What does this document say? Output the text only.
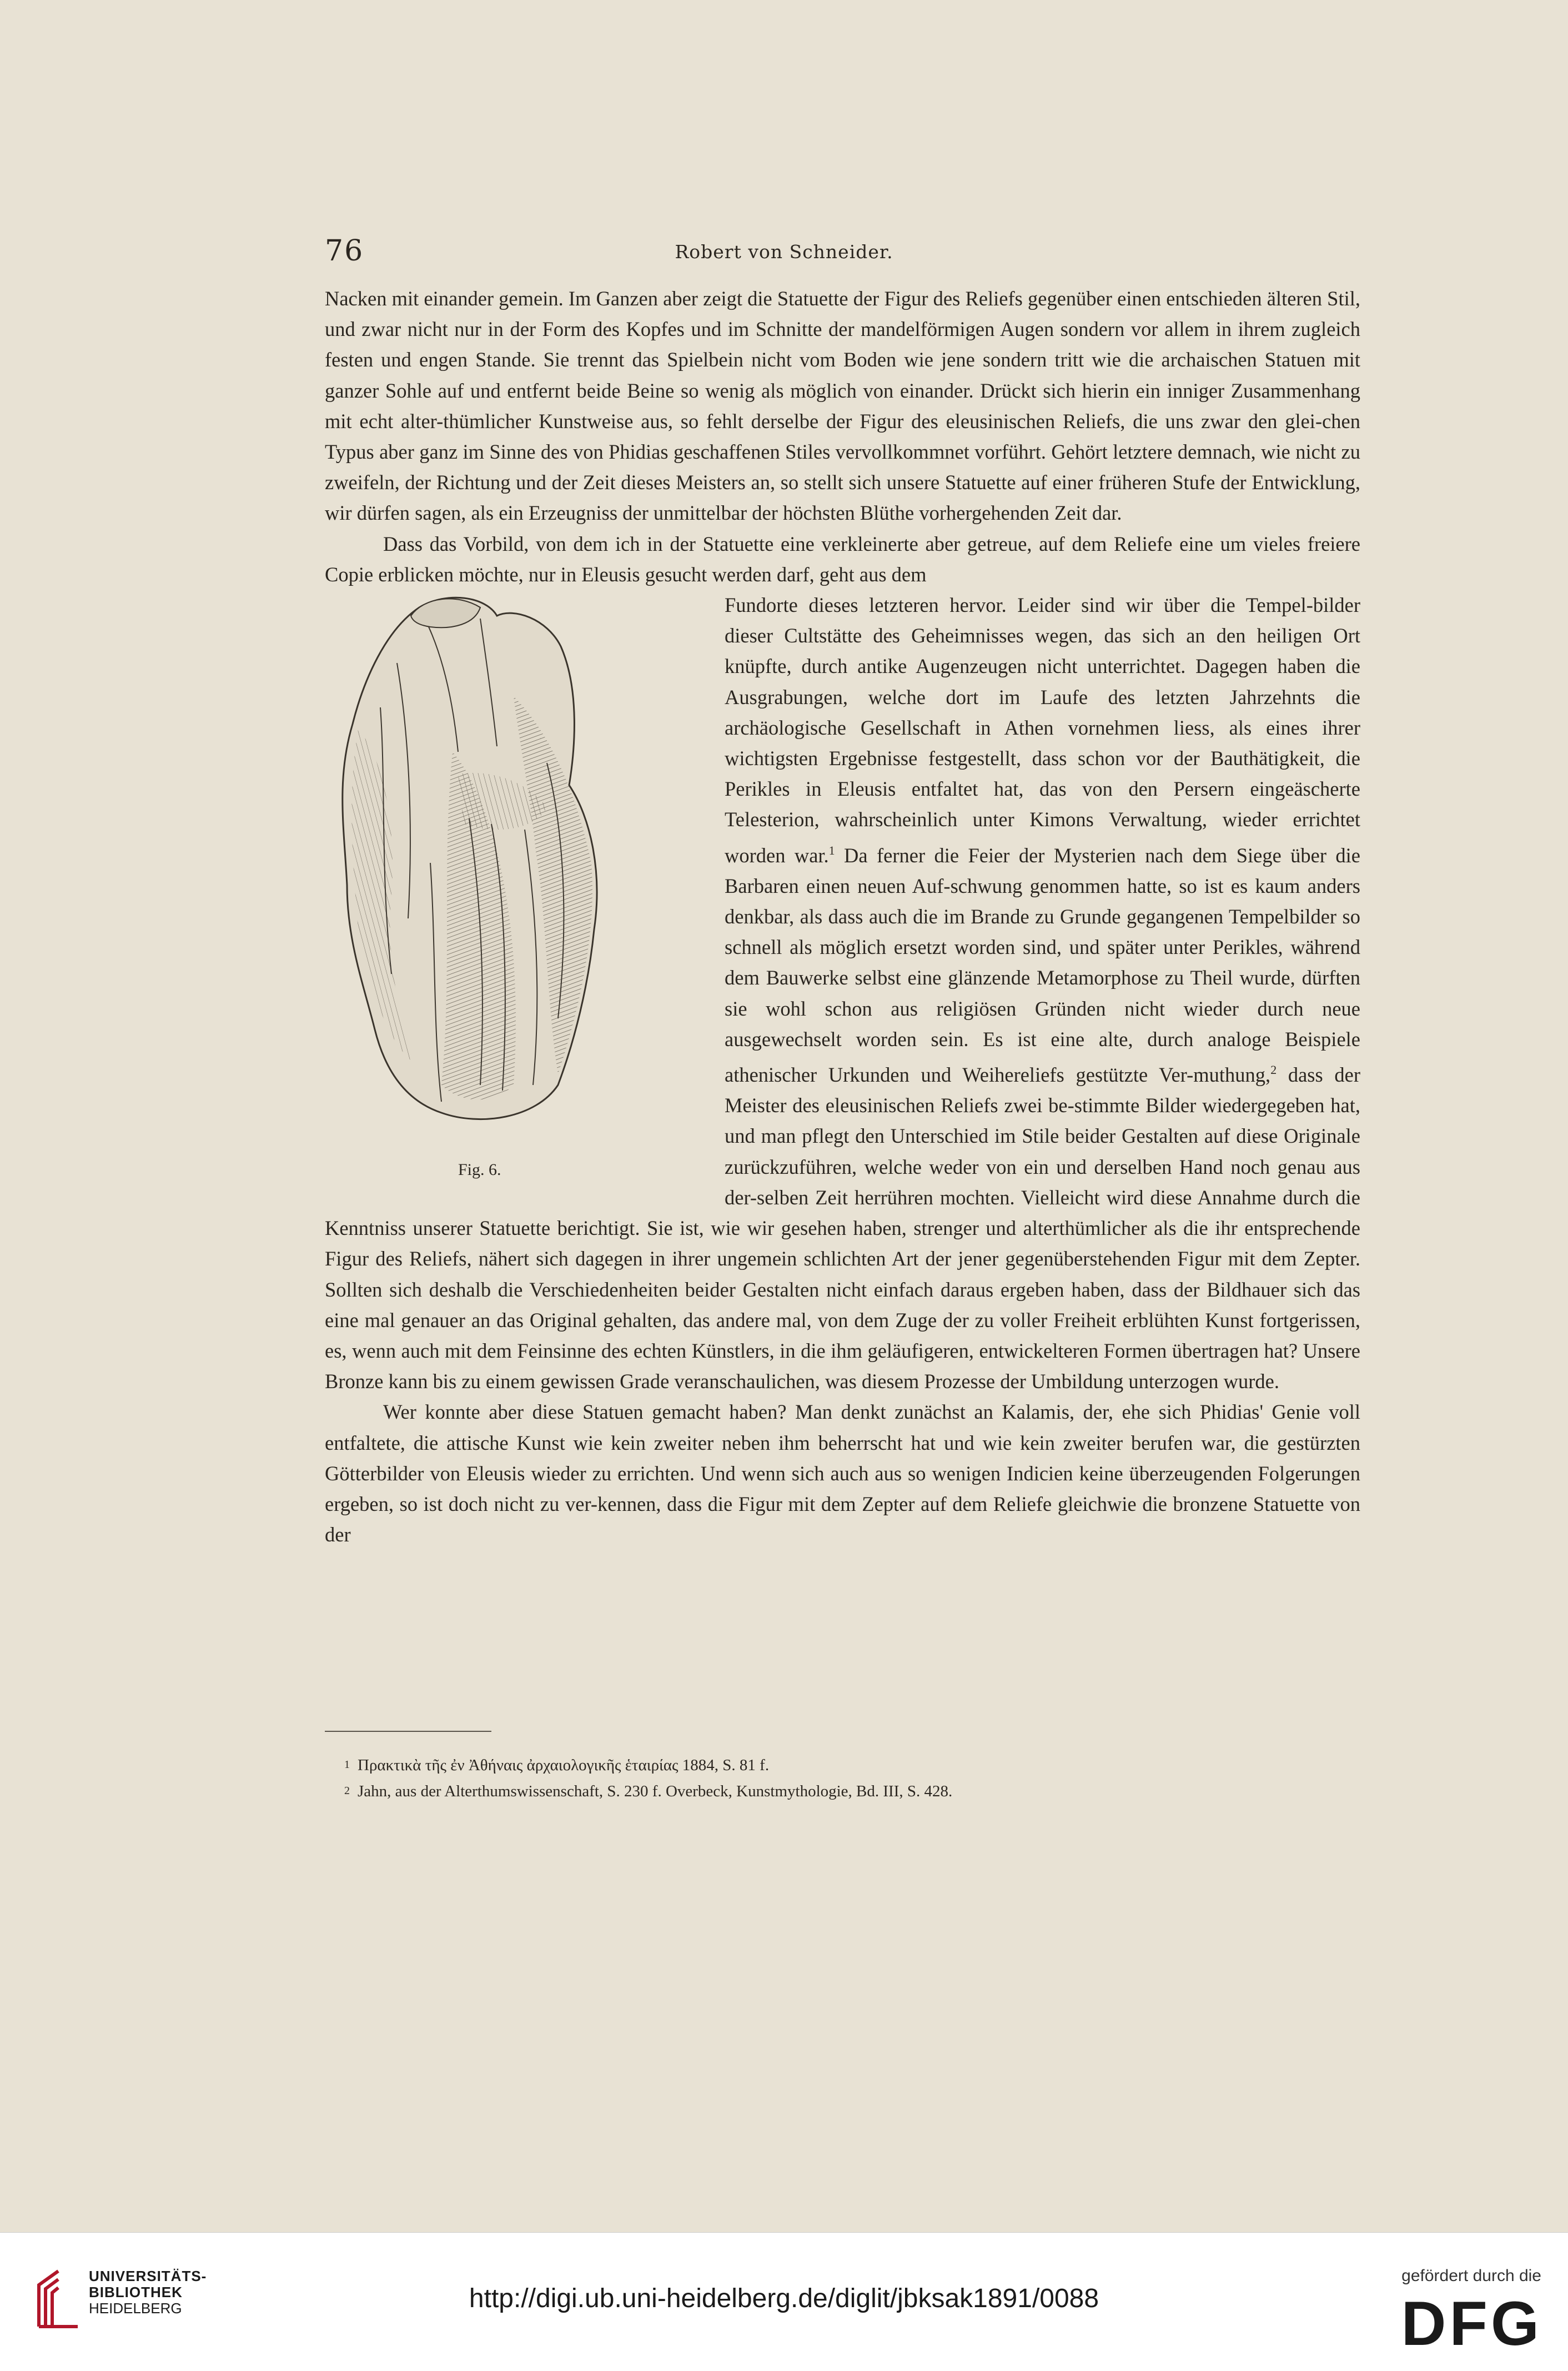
76	Robert von Schneider.

Nacken mit einander gemein. Im Ganzen aber zeigt die Statuette der Figur des Reliefs gegenüber einen entschieden älteren Stil, und zwar nicht nur in der Form des Kopfes und im Schnitte der mandelförmigen Augen sondern vor allem in ihrem zugleich festen und engen Stande. Sie trennt das Spielbein nicht vom Boden wie jene sondern tritt wie die archaischen Statuen mit ganzer Sohle auf und entfernt beide Beine so wenig als möglich von einander. Drückt sich hierin ein inniger Zusammenhang mit echt alter-thümlicher Kunstweise aus, so fehlt derselbe der Figur des eleusinischen Reliefs, die uns zwar den glei-chen Typus aber ganz im Sinne des von Phidias geschaffenen Stiles vervollkommnet vorführt. Gehört letztere demnach, wie nicht zu zweifeln, der Richtung und der Zeit dieses Meisters an, so stellt sich unsere Statuette auf einer früheren Stufe der Entwicklung, wir dürfen sagen, als ein Erzeugniss der unmittelbar der höchsten Blüthe vorhergehenden Zeit dar.

Dass das Vorbild, von dem ich in der Statuette eine verkleinerte aber getreue, auf dem Reliefe eine um vieles freiere Copie erblicken möchte, nur in Eleusis gesucht werden darf, geht aus dem

Fig. 6.

Fundorte dieses letzteren hervor. Leider sind wir über die Tempel-bilder dieser Cultstätte des Geheimnisses wegen, das sich an den heiligen Ort knüpfte, durch antike Augenzeugen nicht unterrichtet. Dagegen haben die Ausgrabungen, welche dort im Laufe des letzten Jahrzehnts die archäologische Gesellschaft in Athen vornehmen liess, als eines ihrer wichtigsten Ergebnisse festgestellt, dass schon vor der Bauthätigkeit, die Perikles in Eleusis entfaltet hat, das von den Persern eingeäscherte Telesterion, wahrscheinlich unter Kimons Verwaltung, wieder errichtet worden war.$^1$ Da ferner die Feier der Mysterien nach dem Siege über die Barbaren einen neuen Auf-schwung genommen hatte, so ist es kaum anders denkbar, als dass auch die im Brande zu Grunde gegangenen Tempelbilder so schnell als möglich ersetzt worden sind, und später unter Perikles, während dem Bauwerke selbst eine glänzende Metamorphose zu Theil wurde, dürften sie wohl schon aus religiösen Gründen nicht wieder durch neue ausgewechselt worden sein. Es ist eine alte, durch analoge Beispiele athenischer Urkunden und Weihereliefs gestützte Ver-muthung,$^2$ dass der Meister des eleusinischen Reliefs zwei be-stimmte Bilder wiedergegeben hat, und man pflegt den Unterschied im Stile beider Gestalten auf diese Originale zurückzuführen, welche weder von ein und derselben Hand noch genau aus der-selben Zeit herrühren mochten. Vielleicht wird diese Annahme durch die Kenntniss unserer Statuette berichtigt. Sie ist, wie wir gesehen haben, strenger und alterthümlicher als die ihr entsprechende Figur des Reliefs, nähert sich dagegen in ihrer ungemein schlichten Art der jener gegenüberstehenden Figur mit dem Zepter. Sollten sich deshalb die Verschiedenheiten beider Gestalten nicht einfach daraus ergeben haben, dass der Bildhauer sich das eine mal genauer an das Original gehalten, das andere mal, von dem Zuge der zu voller Freiheit erblühten Kunst fortgerissen, es, wenn auch mit dem Feinsinne des echten Künstlers, in die ihm geläufigeren, entwickelteren Formen übertragen hat? Unsere Bronze kann bis zu einem gewissen Grade veranschaulichen, was diesem Prozesse der Umbildung unterzogen wurde.

Wer konnte aber diese Statuen gemacht haben? Man denkt zunächst an Kalamis, der, ehe sich Phidias' Genie voll entfaltete, die attische Kunst wie kein zweiter neben ihm beherrscht hat und wie kein zweiter berufen war, die gestürzten Götterbilder von Eleusis wieder zu errichten. Und wenn sich auch aus so wenigen Indicien keine überzeugenden Folgerungen ergeben, so ist doch nicht zu ver-kennen, dass die Figur mit dem Zepter auf dem Reliefe gleichwie die bronzene Statuette von der

1 Πρακτικὰ τῆς ἐν Ἀθήναις ἀρχαιολογικῆς ἑταιρίας 1884, S. 81 f.
2 Jahn, aus der Alterthumswissenschaft, S. 230 f. Overbeck, Kunstmythologie, Bd. III, S. 428.
UNIVERSITÄTS-
BIBLIOTHEK
HEIDELBERG	http://digi.ub.uni-heidelberg.de/diglit/jbksak1891/0088
gefördert durch die
DFG
